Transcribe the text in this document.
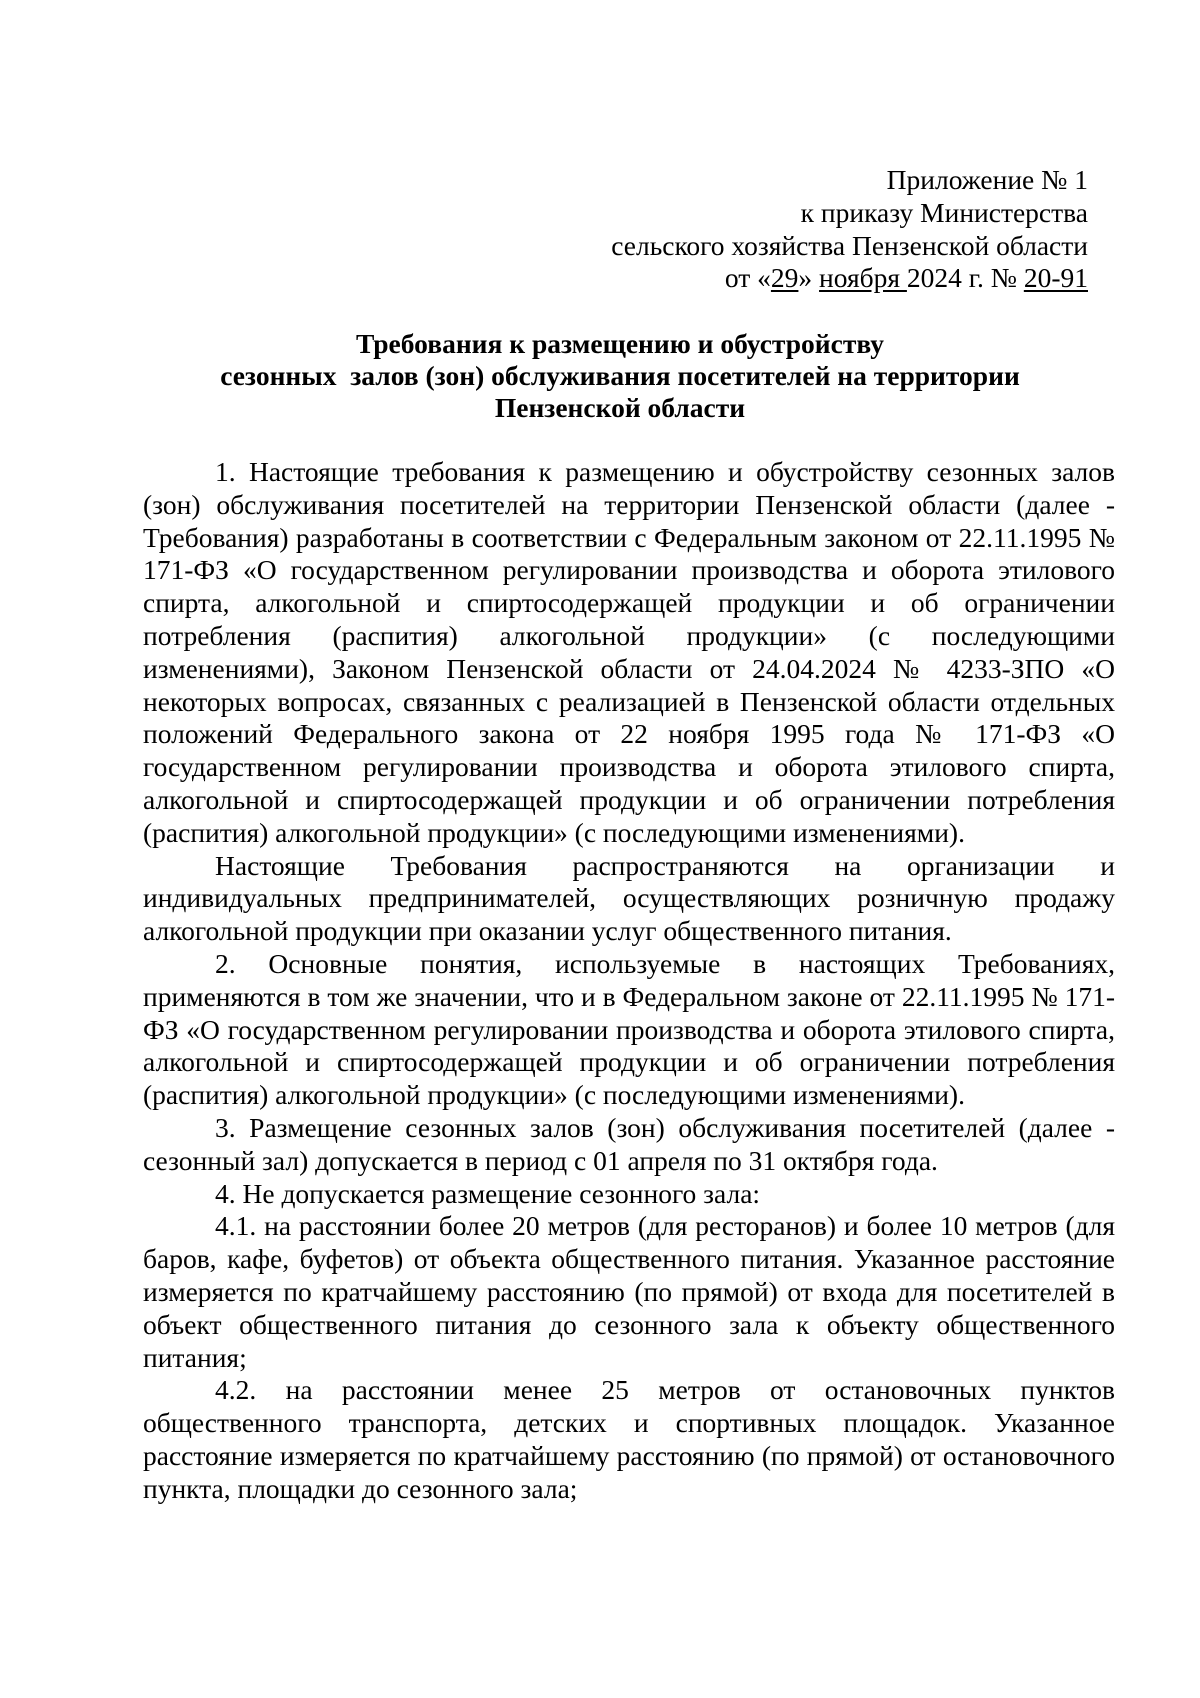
Приложение № 1
к приказу Министерства
сельского хозяйства Пензенской области
от «29» ноября 2024 г. № 20-91
Требования к размещению и обустройству
сезонных  залов (зон) обслуживания посетителей на территории
Пензенской области

1. Настоящие требования к размещению и обустройству сезонных залов (зон) обслуживания посетителей на территории Пензенской области (далее - Требования) разработаны в соответствии с Федеральным законом от 22.11.1995 № 171-ФЗ «О государственном регулировании производства и оборота этилового спирта, алкогольной и спиртосодержащей продукции и об ограничении потребления (распития) алкогольной продукции» (с последующими изменениями), Законом Пензенской области от 24.04.2024 № 4233-ЗПО «О некоторых вопросах, связанных с реализацией в Пензенской области отдельных положений Федерального закона от 22 ноября 1995 года № 171-ФЗ «О государственном регулировании производства и оборота этилового спирта, алкогольной и спиртосодержащей продукции и об ограничении потребления (распития) алкогольной продукции» (с последующими изменениями).

Настоящие Требования распространяются на организации и индивидуальных предпринимателей, осуществляющих розничную продажу алкогольной продукции при оказании услуг общественного питания.

2. Основные понятия, используемые в настоящих Требованиях, применяются в том же значении, что и в Федеральном законе от 22.11.1995 № 171-ФЗ «О государственном регулировании производства и оборота этилового спирта, алкогольной и спиртосодержащей продукции и об ограничении потребления (распития) алкогольной продукции» (с последующими изменениями).

3. Размещение сезонных залов (зон) обслуживания посетителей (далее - сезонный зал) допускается в период с 01 апреля по 31 октября года.

4. Не допускается размещение сезонного зала:

4.1. на расстоянии более 20 метров (для ресторанов) и более 10 метров (для баров, кафе, буфетов) от объекта общественного питания. Указанное расстояние измеряется по кратчайшему расстоянию (по прямой) от входа для посетителей в объект общественного питания до сезонного зала к объекту общественного питания;

4.2. на расстоянии менее 25 метров от остановочных пунктов общественного транспорта, детских и спортивных площадок. Указанное расстояние измеряется по кратчайшему расстоянию (по прямой) от остановочного пункта, площадки до сезонного зала;
